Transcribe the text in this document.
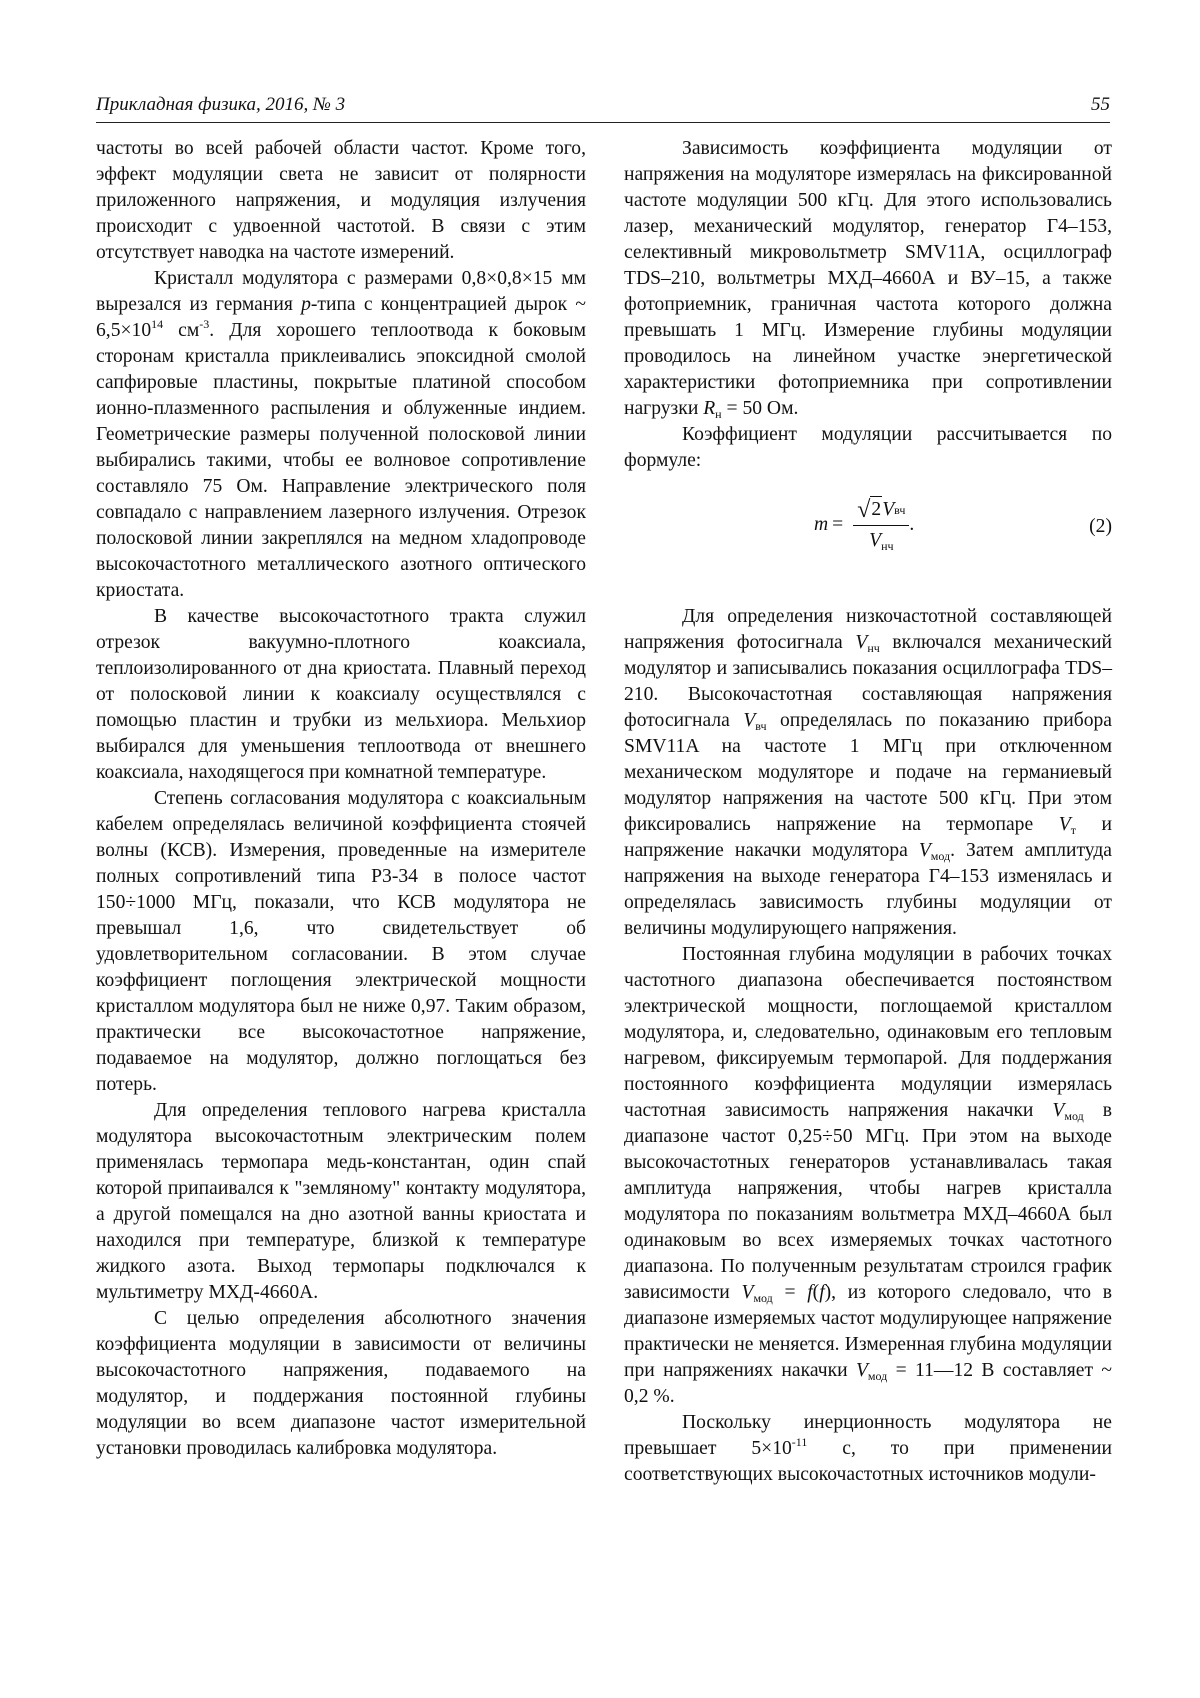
Прикладная физика, 2016, № 3	55

частоты во всей рабочей области частот. Кроме того, эффект модуляции света не зависит от полярности приложенного напряжения, и модуляция излучения происходит с удвоенной частотой. В связи с этим отсутствует наводка на частоте измерений.

Кристалл модулятора с размерами 0,8×0,8×15 мм вырезался из германия p-типа с концентрацией дырок ~ $6,5\times 10^{14}$ $см^{-3}$. Для хорошего теплоотвода к боковым сторонам кристалла приклеивались эпоксидной смолой сапфировые пластины, покрытые платиной способом ионно-плазменного распыления и облуженные индием. Геометрические размеры полученной полосковой линии выбирались такими, чтобы ее волновое сопротивление составляло 75 Ом. Направление электрического поля совпадало с направлением лазерного излучения. Отрезок полосковой линии закреплялся на медном хладопроводе высокочастотного металлического азотного оптического криостата.

В качестве высокочастотного тракта служил отрезок вакуумно-плотного коаксиала, теплоизолированного от дна криостата. Плавный переход от полосковой линии к коаксиалу осуществлялся с помощью пластин и трубки из мельхиора. Мельхиор выбирался для уменьшения теплоотвода от внешнего коаксиала, находящегося при комнатной температуре.

Степень согласования модулятора с коаксиальным кабелем определялась величиной коэффициента стоячей волны (КСВ). Измерения, проведенные на измерителе полных сопротивлений типа Р3-34 в полосе частот 150÷1000 МГц, показали, что КСВ модулятора не превышал 1,6, что свидетельствует об удовлетворительном согласовании. В этом случае коэффициент поглощения электрической мощности кристаллом модулятора был не ниже 0,97. Таким образом, практически все высокочастотное напряжение, подаваемое на модулятор, должно поглощаться без потерь.

Для определения теплового нагрева кристалла модулятора высокочастотным электрическим полем применялась термопара медь-константан, один спай которой припаивался к "земляному" контакту модулятора, а другой помещался на дно азотной ванны криостата и находился при температуре, близкой к температуре жидкого азота. Выход термопары подключался к мультиметру МХД-4660А.

С целью определения абсолютного значения коэффициента модуляции в зависимости от величины высокочастотного напряжения, подаваемого на модулятор, и поддержания постоянной глубины модуляции во всем диапазоне частот измерительной установки проводилась калибровка модулятора.

Зависимость коэффициента модуляции от напряжения на модуляторе измерялась на фиксированной частоте модуляции 500 кГц. Для этого использовались лазер, механический модулятор, генератор Г4–153, селективный микровольтметр SMV11A, осциллограф TDS–210, вольтметры МХД–4660А и ВУ–15, а также фотоприемник, граничная частота которого должна превышать 1 МГц. Измерение глубины модуляции проводилось на линейном участке энергетической характеристики фотоприемника при сопротивлении нагрузки $R_н = 50$ Ом.

Коэффициент модуляции рассчитывается по формуле:

$m = \frac{\text{√ 2 V вч}}{V_{нч}}$ .	(2)

Для определения низкочастотной составляющей напряжения фотосигнала $V_{нч}$ включался механический модулятор и записывались показания осциллографа TDS–210. Высокочастотная составляющая напряжения фотосигнала $V_{вч}$ определялась по показанию прибора SMV11A на частоте 1 МГц при отключенном механическом модуляторе и подаче на германиевый модулятор напряжения на частоте 500 кГц. При этом фиксировались напряжение на термопаре $V_т$ и напряжение накачки модулятора $V_{мод}$. Затем амплитуда напряжения на выходе генератора Г4–153 изменялась и определялась зависимость глубины модуляции от величины модулирующего напряжения.

Постоянная глубина модуляции в рабочих точках частотного диапазона обеспечивается постоянством электрической мощности, поглощаемой кристаллом модулятора, и, следовательно, одинаковым его тепловым нагревом, фиксируемым термопарой. Для поддержания постоянного коэффициента модуляции измерялась частотная зависимость напряжения накачки $V_{мод}$ в диапазоне частот 0,25÷50 МГц. При этом на выходе высокочастотных генераторов устанавливалась такая амплитуда напряжения, чтобы нагрев кристалла модулятора по показаниям вольтметра МХД–4660А был одинаковым во всех измеряемых точках частотного диапазона. По полученным результатам строился график зависимости $V_{мод} = f(f)$, из которого следовало, что в диапазоне измеряемых частот модулирующее напряжение практически не меняется. Измеренная глубина модуляции при напряжениях накачки $V_{мод}$ = 11—12 В составляет ~ 0,2 %.

Поскольку инерционность модулятора не превышает $5\times 10^{-11}$ с, то при применении соответствующих высокочастотных источников модули-
